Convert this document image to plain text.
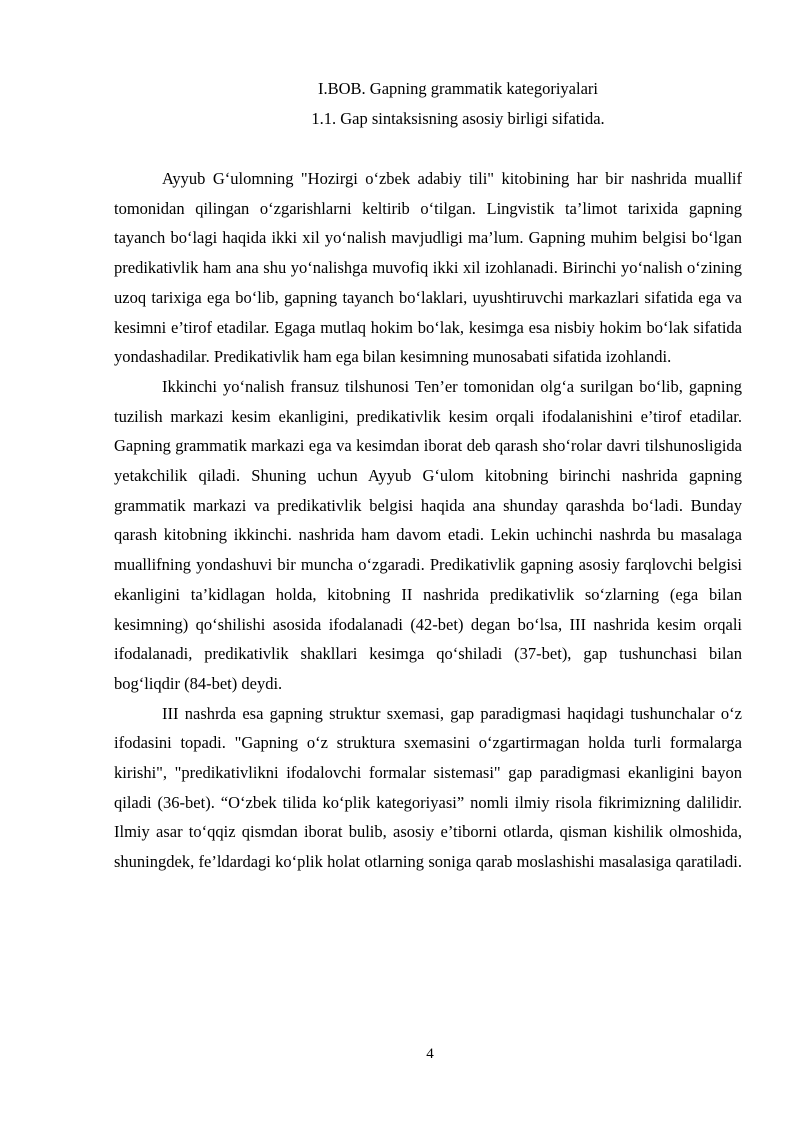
I.BOB. Gapning grammatik kategoriyalari

1.1. Gap sintaksisning asosiy birligi sifatida.

Ayyub G‘ulomning "Hozirgi o‘zbek adabiy tili" kitobining har bir nashrida muallif tomonidan qilingan o‘zgarishlarni keltirib o‘tilgan. Lingvistik ta’limot tarixida gapning tayanch bo‘lagi haqida ikki xil yo‘nalish mavjudligi ma’lum. Gapning muhim belgisi bo‘lgan predikativlik ham ana shu yo‘nalishga muvofiq ikki xil izohlanadi. Birinchi yo‘nalish o‘zining uzoq tarixiga ega bo‘lib, gapning tayanch bo‘laklari, uyushtiruvchi markazlari sifatida ega va kesimni e’tirof etadilar. Egaga mutlaq hokim bo‘lak, kesimga esa nisbiy hokim bo‘lak sifatida yondashadilar. Predikativlik ham ega bilan kesimning munosabati sifatida izohlandi.

Ikkinchi yo‘nalish fransuz tilshunosi Ten’er tomonidan olg‘a surilgan bo‘lib, gapning tuzilish markazi kesim ekanligini, predikativlik kesim orqali ifodalanishini e’tirof etadilar. Gapning grammatik markazi ega va kesimdan iborat deb qarash sho‘rolar davri tilshunosligida yetakchilik qiladi. Shuning uchun Ayyub G‘ulom kitobning birinchi nashrida gapning grammatik markazi va predikativlik belgisi haqida ana shunday qarashda bo‘ladi. Bunday qarash kitobning ikkinchi. nashrida ham davom etadi. Lekin uchinchi nashrda bu masalaga muallifning yondashuvi bir muncha o‘zgaradi. Predikativlik gapning asosiy farqlovchi belgisi ekanligini ta’kidlagan holda, kitobning II nashrida predikativlik so‘zlarning (ega bilan kesimning) qo‘shilishi asosida ifodalanadi (42-bet) degan bo‘lsa, III nashrida kesim orqali ifodalanadi, predikativlik shakllari kesimga qo‘shiladi (37-bet), gap tushunchasi bilan bog‘liqdir (84-bet) deydi.

III nashrda esa gapning struktur sxemasi, gap paradigmasi haqidagi tushunchalar o‘z ifodasini topadi. "Gapning o‘z struktura sxemasini o‘zgartirmagan holda turli formalarga kirishi", "predikativlikni ifodalovchi formalar sistemasi" gap paradigmasi ekanligini bayon qiladi (36-bet). “O‘zbek tilida ko‘plik kategoriyasi” nomli ilmiy risola fikrimizning dalilidir. Ilmiy asar to‘qqiz qismdan iborat bulib, asosiy e’tiborni otlarda, qisman kishilik olmoshida, shuningdek, fe’ldardagi ko‘plik holat otlarning soniga qarab moslashishi masalasiga qaratiladi.

4
